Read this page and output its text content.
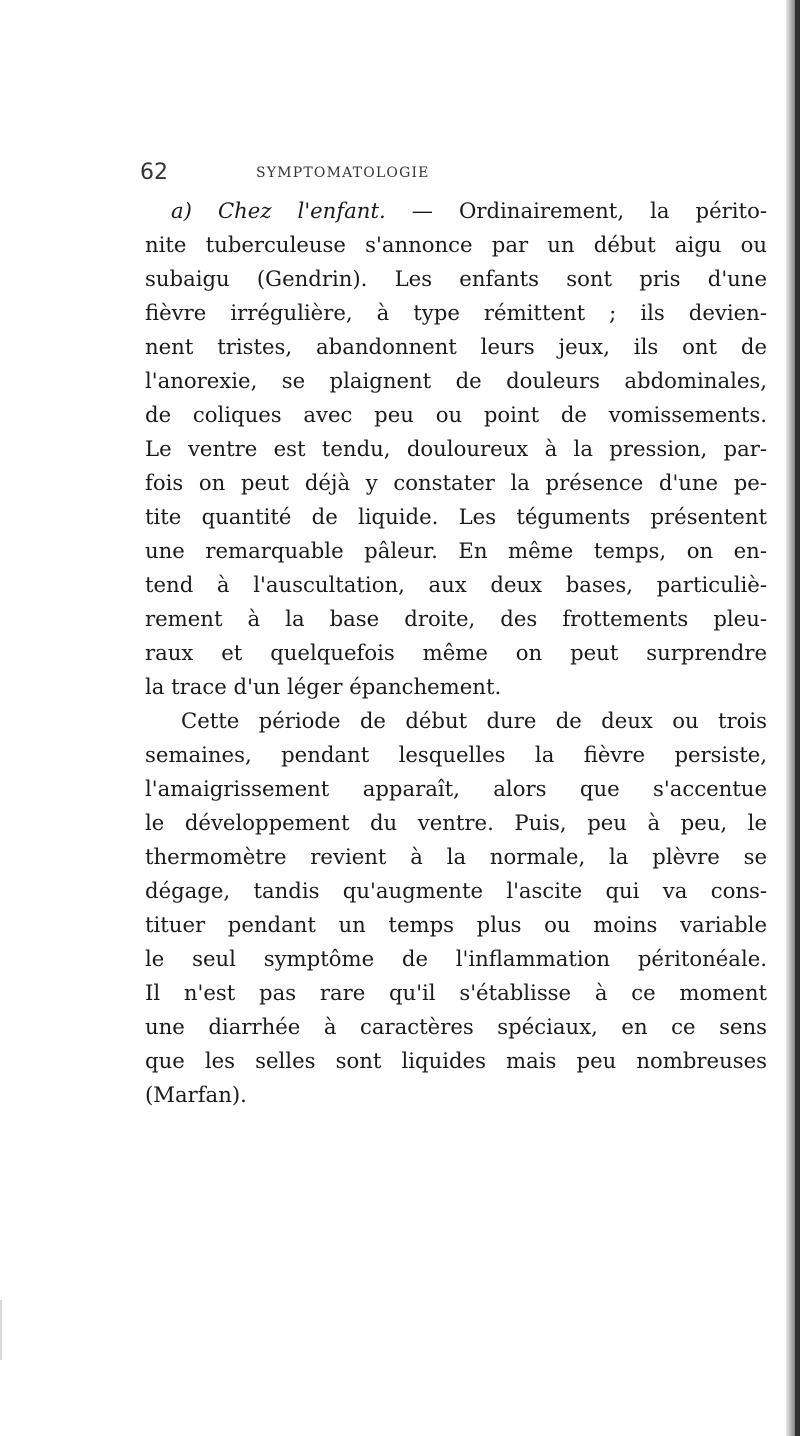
62	SYMPTOMATOLOGIE
a) Chez l'enfant. — Ordinairement, la périto-
nite tuberculeuse s'annonce par un début aigu ou
subaigu (Gendrin). Les enfants sont pris d'une
fièvre irrégulière, à type rémittent ; ils devien-
nent tristes, abandonnent leurs jeux, ils ont de
l'anorexie, se plaignent de douleurs abdominales,
de coliques avec peu ou point de vomissements.
Le ventre est tendu, douloureux à la pression, par-
fois on peut déjà y constater la présence d'une pe-
tite quantité de liquide. Les téguments présentent
une remarquable pâleur. En même temps, on en-
tend à l'auscultation, aux deux bases, particuliè-
rement à la base droite, des frottements pleu-
raux et quelquefois même on peut surprendre
la trace d'un léger épanchement.
Cette période de début dure de deux ou trois
semaines, pendant lesquelles la fièvre persiste,
l'amaigrissement apparaît, alors que s'accentue
le développement du ventre. Puis, peu à peu, le
thermomètre revient à la normale, la plèvre se
dégage, tandis qu'augmente l'ascite qui va cons-
tituer pendant un temps plus ou moins variable
le seul symptôme de l'inflammation péritonéale.
Il n'est pas rare qu'il s'établisse à ce moment
une diarrhée à caractères spéciaux, en ce sens
que les selles sont liquides mais peu nombreuses
(Marfan).
